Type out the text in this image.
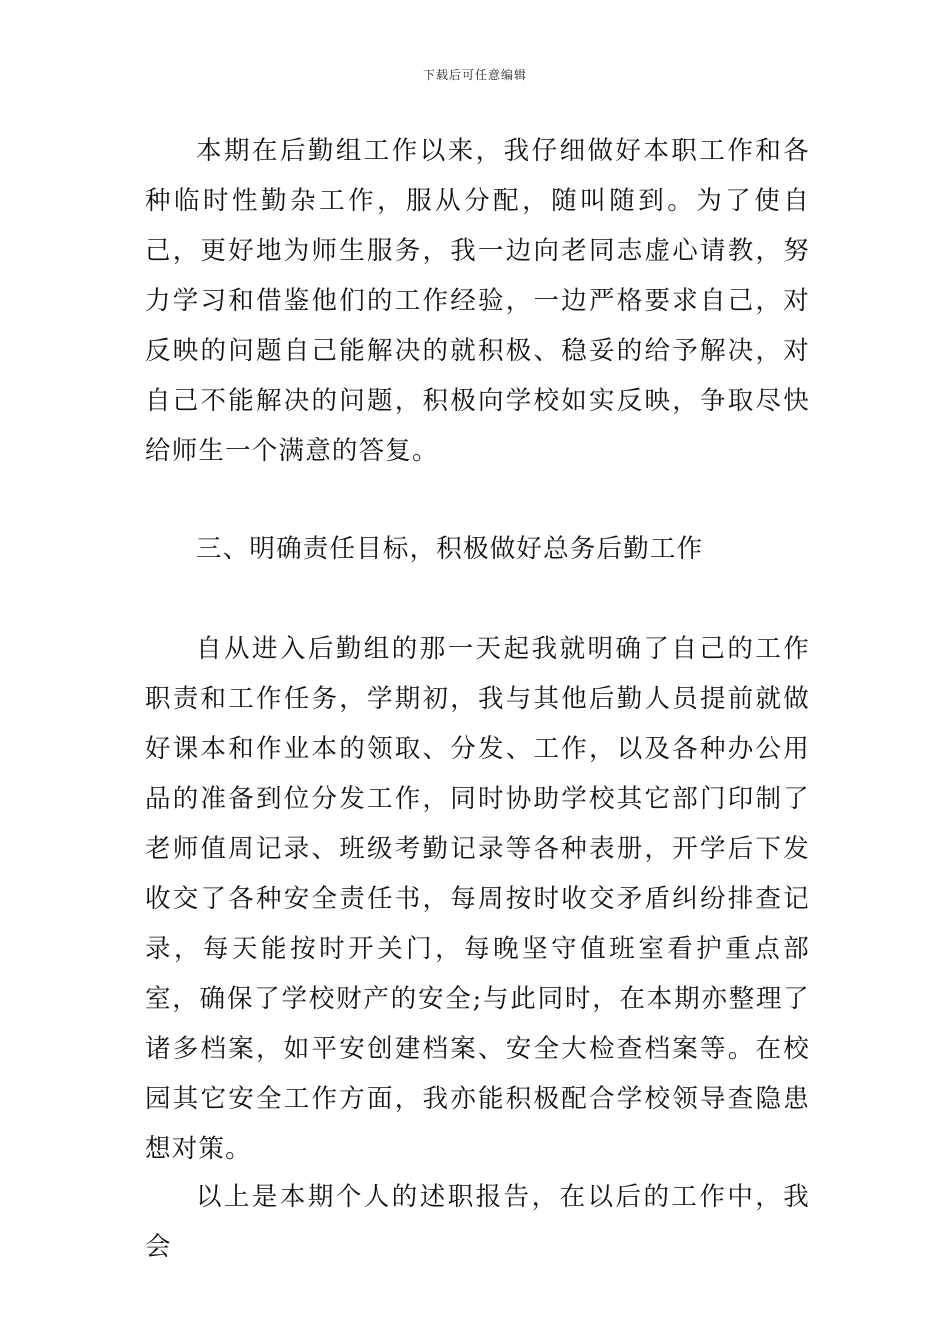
下载后可任意编辑

本期在后勤组工作以来，我仔细做好本职工作和各种临时性勤杂工作，服从分配，随叫随到。为了使自己，更好地为师生服务，我一边向老同志虚心请教，努力学习和借鉴他们的工作经验，一边严格要求自己，对反映的问题自己能解决的就积极、稳妥的给予解决，对自己不能解决的问题，积极向学校如实反映，争取尽快给师生一个满意的答复。

三、明确责任目标，积极做好总务后勤工作

自从进入后勤组的那一天起我就明确了自己的工作职责和工作任务，学期初，我与其他后勤人员提前就做好课本和作业本的领取、分发、工作，以及各种办公用品的准备到位分发工作，同时协助学校其它部门印制了老师值周记录、班级考勤记录等各种表册，开学后下发收交了各种安全责任书，每周按时收交矛盾纠纷排查记录，每天能按时开关门，每晚坚守值班室看护重点部室，确保了学校财产的安全;与此同时，在本期亦整理了诸多档案，如平安创建档案、安全大检查档案等。在校园其它安全工作方面，我亦能积极配合学校领导查隐患想对策。

以上是本期个人的述职报告，在以后的工作中，我会
